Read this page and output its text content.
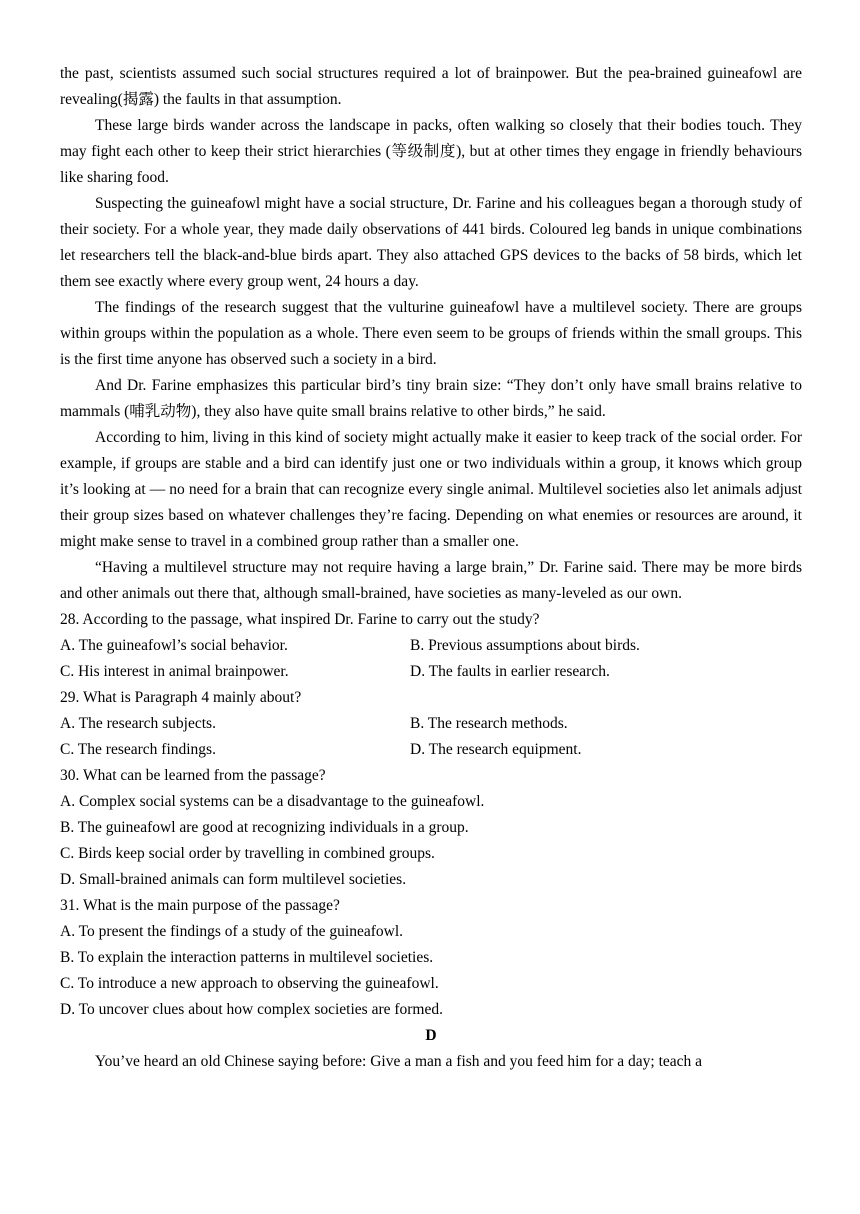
the past, scientists assumed such social structures required a lot of brainpower. But the pea-brained guineafowl are revealing(揭露) the faults in that assumption.

These large birds wander across the landscape in packs, often walking so closely that their bodies touch. They may fight each other to keep their strict hierarchies (等级制度), but at other times they engage in friendly behaviours like sharing food.

Suspecting the guineafowl might have a social structure, Dr. Farine and his colleagues began a thorough study of their society. For a whole year, they made daily observations of 441 birds. Coloured leg bands in unique combinations let researchers tell the black-and-blue birds apart. They also attached GPS devices to the backs of 58 birds, which let them see exactly where every group went, 24 hours a day.

The findings of the research suggest that the vulturine guineafowl have a multilevel society. There are groups within groups within the population as a whole. There even seem to be groups of friends within the small groups. This is the first time anyone has observed such a society in a bird.

And Dr. Farine emphasizes this particular bird’s tiny brain size: “They don’t only have small brains relative to mammals (哺乳动物), they also have quite small brains relative to other birds,” he said.

According to him, living in this kind of society might actually make it easier to keep track of the social order. For example, if groups are stable and a bird can identify just one or two individuals within a group, it knows which group it’s looking at — no need for a brain that can recognize every single animal. Multilevel societies also let animals adjust their group sizes based on whatever challenges they’re facing. Depending on what enemies or resources are around, it might make sense to travel in a combined group rather than a smaller one.

“Having a multilevel structure may not require having a large brain,” Dr. Farine said. There may be more birds and other animals out there that, although small-brained, have societies as many-leveled as our own.

28. According to the passage, what inspired Dr. Farine to carry out the study?

A. The guineafowl’s social behavior.	B. Previous assumptions about birds.

C. His interest in animal brainpower.	D. The faults in earlier research.

29. What is Paragraph 4 mainly about?

A. The research subjects.	B. The research methods.

C. The research findings.	D. The research equipment.

30. What can be learned from the passage?

A. Complex social systems can be a disadvantage to the guineafowl.

B. The guineafowl are good at recognizing individuals in a group.

C. Birds keep social order by travelling in combined groups.

D. Small-brained animals can form multilevel societies.

31. What is the main purpose of the passage?

A. To present the findings of a study of the guineafowl.

B. To explain the interaction patterns in multilevel societies.

C. To introduce a new approach to observing the guineafowl.

D. To uncover clues about how complex societies are formed.

D

You’ve heard an old Chinese saying before: Give a man a fish and you feed him for a day; teach a
